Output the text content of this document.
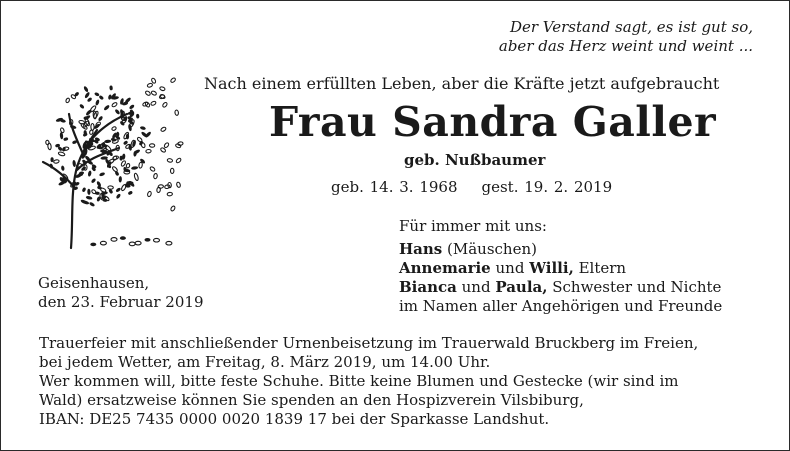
Der Verstand sagt, es ist gut so,
aber das Herz weint und weint ...
Nach einem erfüllten Leben, aber die Kräfte jetzt aufgebraucht
Frau Sandra Galler
geb. Nußbaumer
geb. 14. 3. 1968 gest. 19. 2. 2019
Für immer mit uns:
Hans (Mäuschen)
Annemarie und Willi, Eltern
Bianca und Paula, Schwester und Nichte
im Namen aller Angehörigen und Freunde
Geisenhausen,
den 23. Februar 2019
Trauerfeier mit anschließender Urnenbeisetzung im Trauerwald Bruckberg im Freien,
bei jedem Wetter, am Freitag, 8. März 2019, um 14.00 Uhr.
Wer kommen will, bitte feste Schuhe. Bitte keine Blumen und Gestecke (wir sind im
Wald) ersatzweise können Sie spenden an den Hospizverein Vilsbiburg,
IBAN: DE25 7435 0000 0020 1839 17 bei der Sparkasse Landshut.
